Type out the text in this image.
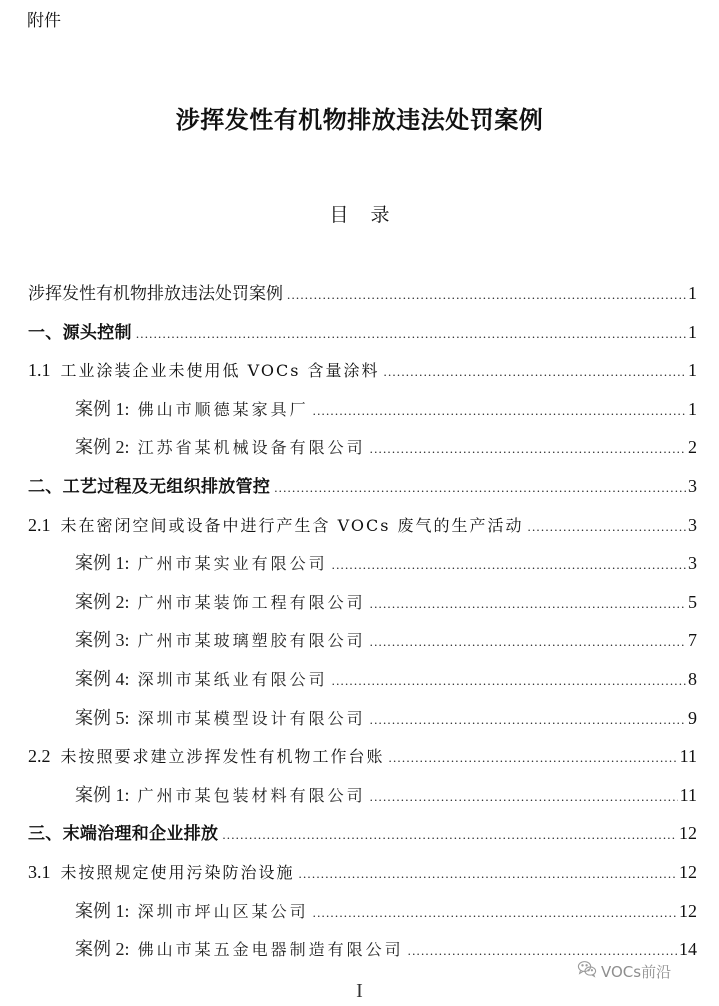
附件
涉挥发性有机物排放违法处罚案例
目 录
涉挥发性有机物排放违法处罚案例 .....	1
一、源头控制 .....	1
1.1 工业涂装企业未使用低 VOCs 含量涂料 .....	1
案例 1: 佛山市顺德某家具厂 .....	1
案例 2: 江苏省某机械设备有限公司 .....	2
二、工艺过程及无组织排放管控 .....	3
2.1 未在密闭空间或设备中进行产生含 VOCs 废气的生产活动 .....	3
案例 1: 广州市某实业有限公司 .....	3
案例 2: 广州市某装饰工程有限公司 .....	5
案例 3: 广州市某玻璃塑胶有限公司 .....	7
案例 4: 深圳市某纸业有限公司 .....	8
案例 5: 深圳市某模型设计有限公司 .....	9
2.2 未按照要求建立涉挥发性有机物工作台账 .....	11
案例 1: 广州市某包装材料有限公司 .....	11
三、末端治理和企业排放 .....	12
3.1 未按照规定使用污染防治设施 .....	12
案例 1: 深圳市坪山区某公司 .....	12
案例 2: 佛山市某五金电器制造有限公司 .....	14
VOCs前沿
I
